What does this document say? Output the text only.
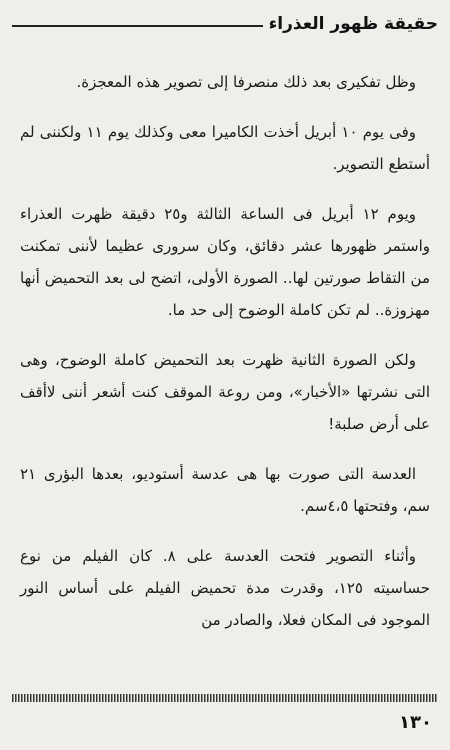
حقيقة ظهور العذراء

وظل تفكيرى بعد ذلك منصرفا إلى تصوير هذه المعجزة.

وفى يوم ١٠ أبريل أخذت الكاميرا معى وكذلك يوم ١١ ولكننى لم أستطع التصوير.

ويوم ١٢ أبريل فى الساعة الثالثة و٢٥ دقيقة ظهرت العذراء واستمر ظهورها عشر دقائق، وكان سرورى عظيما لأننى تمكنت من التقاط صورتين لها.. الصورة الأولى، اتضح لى بعد التحميض أنها مهزوزة.. لم تكن كاملة الوضوح إلى حد ما.

ولكن الصورة الثانية ظهرت بعد التحميض كاملة الوضوح، وهى التى نشرتها «الأخبار»، ومن روعة الموقف كنت أشعر أننى لاأقف على أرض صلبة!

العدسة التى صورت بها هى عدسة أستوديو، بعدها البؤرى ٢١ سم، وفتحتها ٤،٥سم.

وأثناء التصوير فتحت العدسة على ٨. كان الفيلم من نوع حساسيته ١٢٥، وقدرت مدة تحميض الفيلم على أساس النور الموجود فى المكان فعلا، والصادر من

١٣٠
